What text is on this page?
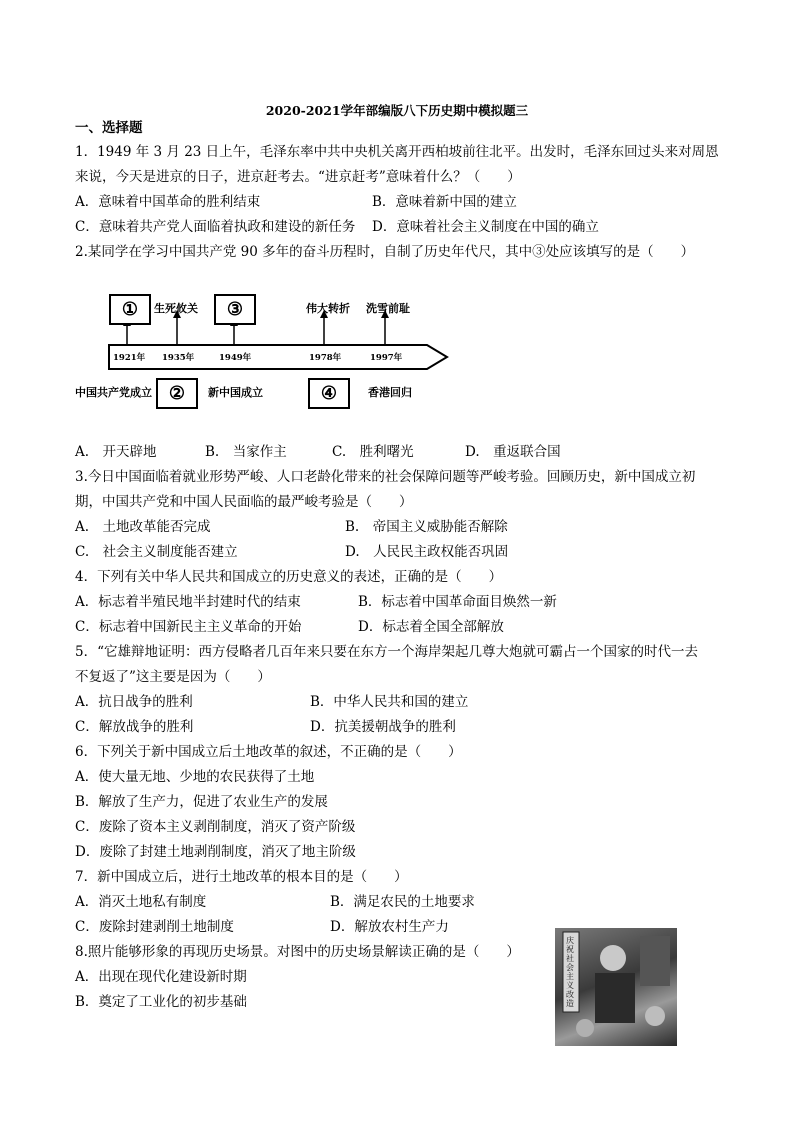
2020-2021学年部编版八下历史期中模拟题三
一、选择题
1．1949 年 3 月 23 日上午，毛泽东率中共中央机关离开西柏坡前往北平。出发时，毛泽东回过头来对周恩
来说，今天是进京的日子，进京赶考去。“进京赶考”意味着什么？（　　）
A．意味着中国革命的胜利结束	B．意味着新中国的建立
C．意味着共产党人面临着执政和建设的新任务 D．意味着社会主义制度在中国的确立
2.某同学在学习中国共产党 90 多年的奋斗历程时，自制了历史年代尺，其中③处应该填写的是（　　）
①	生死攸关	③	伟大转折 洗雪前耻
1921年 1935年	1949年	1978年	1997年
中国共产党成立 ②	新中国成立	④	香港回归
A.　开天辟地	B.　当家作主	C.　胜利曙光	D.　重返联合国
3.今日中国面临着就业形势严峻、人口老龄化带来的社会保障问题等严峻考验。回顾历史，新中国成立初
期，中国共产党和中国人民面临的最严峻考验是（　　）
A.　土地改革能否完成	B.　帝国主义威胁能否解除
C.　社会主义制度能否建立	D.　人民民主政权能否巩固
4．下列有关中华人民共和国成立的历史意义的表述，正确的是（　　）
A．标志着半殖民地半封建时代的结束	B．标志着中国革命面目焕然一新
C．标志着中国新民主主义革命的开始	D．标志着全国全部解放
5．“它雄辩地证明：西方侵略者几百年来只要在东方一个海岸架起几尊大炮就可霸占一个国家的时代一去
不复返了”这主要是因为（　　）
A．抗日战争的胜利	B．中华人民共和国的建立
C．解放战争的胜利	D．抗美援朝战争的胜利
6．下列关于新中国成立后土地改革的叙述，不正确的是（　　）
A．使大量无地、少地的农民获得了土地
B．解放了生产力，促进了农业生产的发展
C．废除了资本主义剥削制度，消灭了资产阶级
D．废除了封建土地剥削制度，消灭了地主阶级
7．新中国成立后，进行土地改革的根本目的是（　　）
A．消灭土地私有制度	B．满足农民的土地要求
C．废除封建剥削土地制度	D．解放农村生产力
8.照片能够形象的再现历史场景。对图中的历史场景解读正确的是（　　）
A．出现在现代化建设新时期
B．奠定了工业化的初步基础
庆祝社会主义改造
